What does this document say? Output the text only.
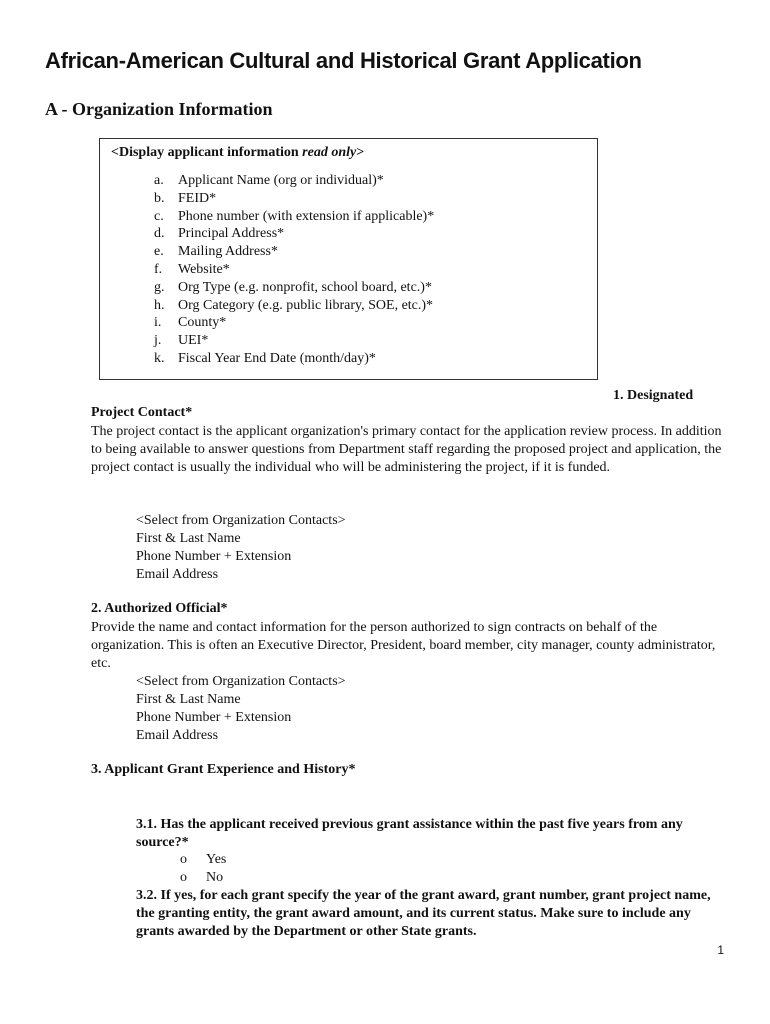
African-American Cultural and Historical Grant Application
A - Organization Information
<Display applicant information read only>
a. Applicant Name (org or individual)*
b. FEID*
c. Phone number (with extension if applicable)*
d. Principal Address*
e. Mailing Address*
f. Website*
g. Org Type (e.g. nonprofit, school board, etc.)*
h. Org Category (e.g. public library, SOE, etc.)*
i. County*
j. UEI*
k. Fiscal Year End Date (month/day)*
1. Designated
Project Contact*
The project contact is the applicant organization's primary contact for the application review process. In addition to being available to answer questions from Department staff regarding the proposed project and application, the project contact is usually the individual who will be administering the project, if it is funded.
<Select from Organization Contacts>
First & Last Name
Phone Number + Extension
Email Address
2. Authorized Official*
Provide the name and contact information for the person authorized to sign contracts on behalf of the organization. This is often an Executive Director, President, board member, city manager, county administrator, etc.
<Select from Organization Contacts>
First & Last Name
Phone Number + Extension
Email Address
3. Applicant Grant Experience and History*
3.1. Has the applicant received previous grant assistance within the past five years from any source?*
o Yes
o No
3.2. If yes, for each grant specify the year of the grant award, grant number, grant project name, the granting entity, the grant award amount, and its current status. Make sure to include any grants awarded by the Department or other State grants.
1
